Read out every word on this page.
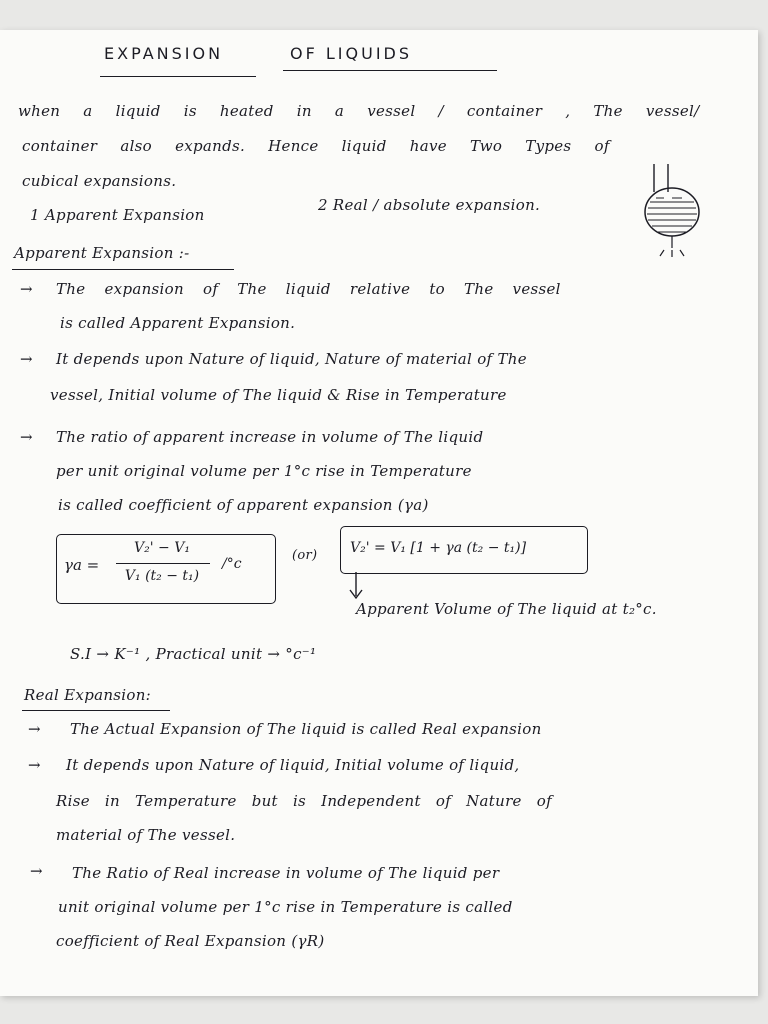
EXPANSION	OF LIQUIDS
when a liquid is heated in a vessel / container , The vessel/
container also expands. Hence liquid have Two Types of
cubical expansions.
1 Apparent Expansion
2 Real / absolute expansion.
Apparent Expansion :-
→ The expansion of The liquid relative to The vessel
is called Apparent Expansion.
→ It depends upon Nature of liquid, Nature of material of The
vessel, Initial volume of The liquid & Rise in Temperature
→ The ratio of apparent increase in volume of The liquid
per unit original volume per 1°c rise in Temperature
is called coefficient of apparent expansion (γa)
γa =
V₂' − V₁
V₁ (t₂ − t₁)
/°c
(or) V₂' = V₁ [1 + γa (t₂ − t₁)]
Apparent Volume of The liquid at t₂°c.
S.I → K⁻¹ , Practical unit → °c⁻¹
Real Expansion:
→ The Actual Expansion of The liquid is called Real expansion
→ It depends upon Nature of liquid, Initial volume of liquid,
Rise in Temperature but is Independent of Nature of
material of The vessel.
→ The Ratio of Real increase in volume of The liquid per
unit original volume per 1°c rise in Temperature is called
coefficient of Real Expansion (γR)
